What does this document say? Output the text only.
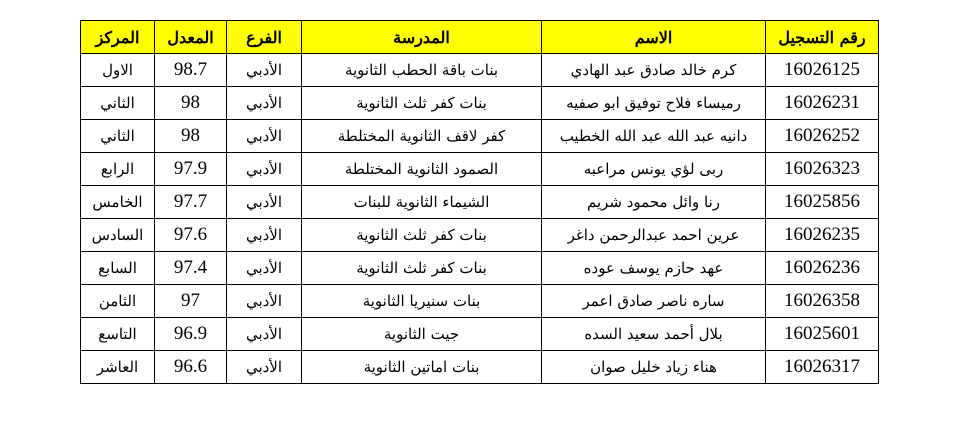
رقم التسجيل	الاسم	المدرسة	الفرع	المعدل	المركز
16026125	كرم خالد صادق عبد الهادي	بنات باقة الحطب الثانوية	الأدبي	98.7	الاول
16026231	رميساء فلاح توفيق ابو صفيه	بنات كفر ثلث الثانوية	الأدبي	98	الثاني
16026252	دانيه عبد الله عبد الله الخطيب	كفر لاقف الثانوية المختلطة	الأدبي	98	الثاني
16026323	ربى لؤي يونس مراعبه	الصمود الثانوية المختلطة	الأدبي	97.9	الرابع
16025856	رنا وائل محمود شريم	الشيماء الثانوية للبنات	الأدبي	97.7	الخامس
16026235	عرين احمد عبدالرحمن داغر	بنات كفر ثلث الثانوية	الأدبي	97.6	السادس
16026236	عهد حازم يوسف عوده	بنات كفر ثلث الثانوية	الأدبي	97.4	السابع
16026358	ساره ناصر صادق اعمر	بنات سنيريا الثانوية	الأدبي	97	الثامن
16025601	بلال أحمد سعيد السده	جيت الثانوية	الأدبي	96.9	التاسع
16026317	هناء زياد خليل صوان	بنات اماتين الثانوية	الأدبي	96.6	العاشر
